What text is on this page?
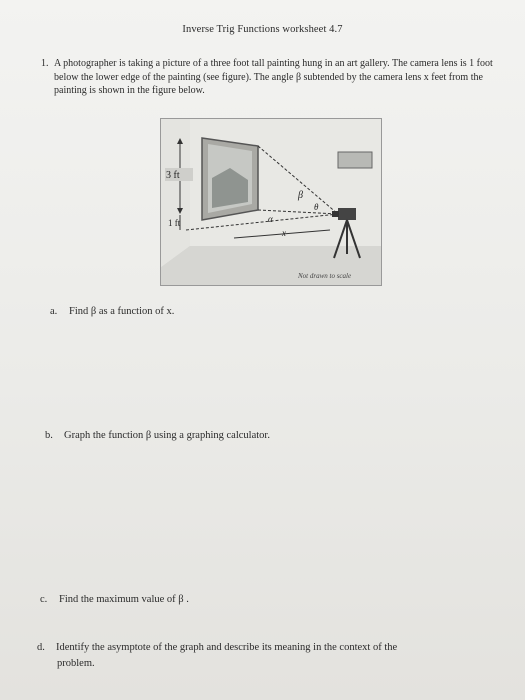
Inverse Trig Functions worksheet 4.7
1. A photographer is taking a picture of a three foot tall painting hung in an art gallery. The camera lens is 1 foot below the lower edge of the painting (see figure). The angle β subtended by the camera lens x feet from the painting is shown in the figure below.
3 ft
1 ft
x
β
θ
α
Not drawn to scale
a. Find β as a function of x.
b. Graph the function β using a graphing calculator.
c. Find the maximum value of β .
d. Identify the asymptote of the graph and describe its meaning in the context of the
problem.
